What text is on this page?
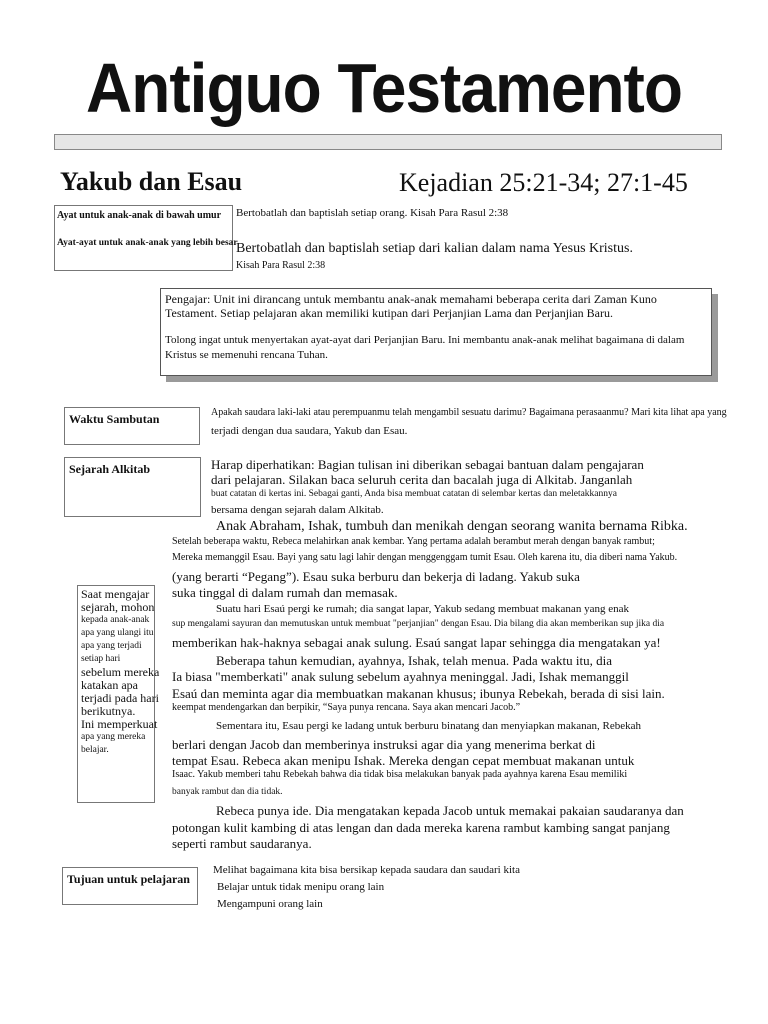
Antiguo Testamento
Yakub dan Esau	Kejadian 25:21-34; 27:1-45
Ayat untuk anak-anak di bawah umur
Ayat-ayat untuk anak-anak yang lebih besar
Bertobatlah dan baptislah setiap orang. Kisah Para Rasul 2:38
Bertobatlah dan baptislah setiap dari kalian dalam nama Yesus Kristus.
Kisah Para Rasul 2:38
Pengajar: Unit ini dirancang untuk membantu anak-anak memahami beberapa cerita dari Zaman Kuno Testament. Setiap pelajaran akan memiliki kutipan dari Perjanjian Lama dan Perjanjian Baru.
Tolong ingat untuk menyertakan ayat-ayat dari Perjanjian Baru. Ini membantu anak-anak melihat bagaimana di dalam Kristus se memenuhi rencana Tuhan.
Waktu Sambutan	Apakah saudara laki-laki atau perempuanmu telah mengambil sesuatu darimu? Bagaimana perasaanmu? Mari kita lihat apa yang
terjadi dengan dua saudara, Yakub dan Esau.
Sejarah Alkitab	Harap diperhatikan: Bagian tulisan ini diberikan sebagai bantuan dalam pengajaran
dari pelajaran. Silakan baca seluruh cerita dan bacalah juga di Alkitab. Janganlah
buat catatan di kertas ini. Sebagai ganti, Anda bisa membuat catatan di selembar kertas dan meletakkannya
bersama dengan sejarah dalam Alkitab.
Anak Abraham, Ishak, tumbuh dan menikah dengan seorang wanita bernama Ribka.
Setelah beberapa waktu, Rebeca melahirkan anak kembar. Yang pertama adalah berambut merah dengan banyak rambut;
Mereka memanggil Esau. Bayi yang satu lagi lahir dengan menggenggam tumit Esau. Oleh karena itu, dia diberi nama Yakub.
(yang berarti “Pegang”). Esau suka berburu dan bekerja di ladang. Yakub suka
suka tinggal di dalam rumah dan memasak.
Saat mengajar
sejarah, mohon
kepada anak-anak
apa yang ulangi itu
apa yang terjadi
setiap hari
sebelum mereka
katakan apa
terjadi pada hari
berikutnya.
Ini memperkuat
apa yang mereka
belajar.
Suatu hari Esaú pergi ke rumah; dia sangat lapar, Yakub sedang membuat makanan yang enak
sup mengalami sayuran dan memutuskan untuk membuat "perjanjian" dengan Esau. Dia bilang dia akan memberikan sup jika dia
memberikan hak-haknya sebagai anak sulung. Esaú sangat lapar sehingga dia mengatakan ya!
Beberapa tahun kemudian, ayahnya, Ishak, telah menua. Pada waktu itu, dia
Ia biasa "memberkati" anak sulung sebelum ayahnya meninggal. Jadi, Ishak memanggil
Esaú dan meminta agar dia membuatkan makanan khusus; ibunya Rebekah, berada di sisi lain.
keempat mendengarkan dan berpikir, “Saya punya rencana. Saya akan mencari Jacob.”
Sementara itu, Esau pergi ke ladang untuk berburu binatang dan menyiapkan makanan, Rebekah
berlari dengan Jacob dan memberinya instruksi agar dia yang menerima berkat di
tempat Esau. Rebeca akan menipu Ishak. Mereka dengan cepat membuat makanan untuk
Isaac. Yakub memberi tahu Rebekah bahwa dia tidak bisa melakukan banyak pada ayahnya karena Esau memiliki
banyak rambut dan dia tidak.
Rebeca punya ide. Dia mengatakan kepada Jacob untuk memakai pakaian saudaranya dan
potongan kulit kambing di atas lengan dan dada mereka karena rambut kambing sangat panjang
seperti rambut saudaranya.
Tujuan untuk pelajaran
Melihat bagaimana kita bisa bersikap kepada saudara dan saudari kita
Belajar untuk tidak menipu orang lain
Mengampuni orang lain
